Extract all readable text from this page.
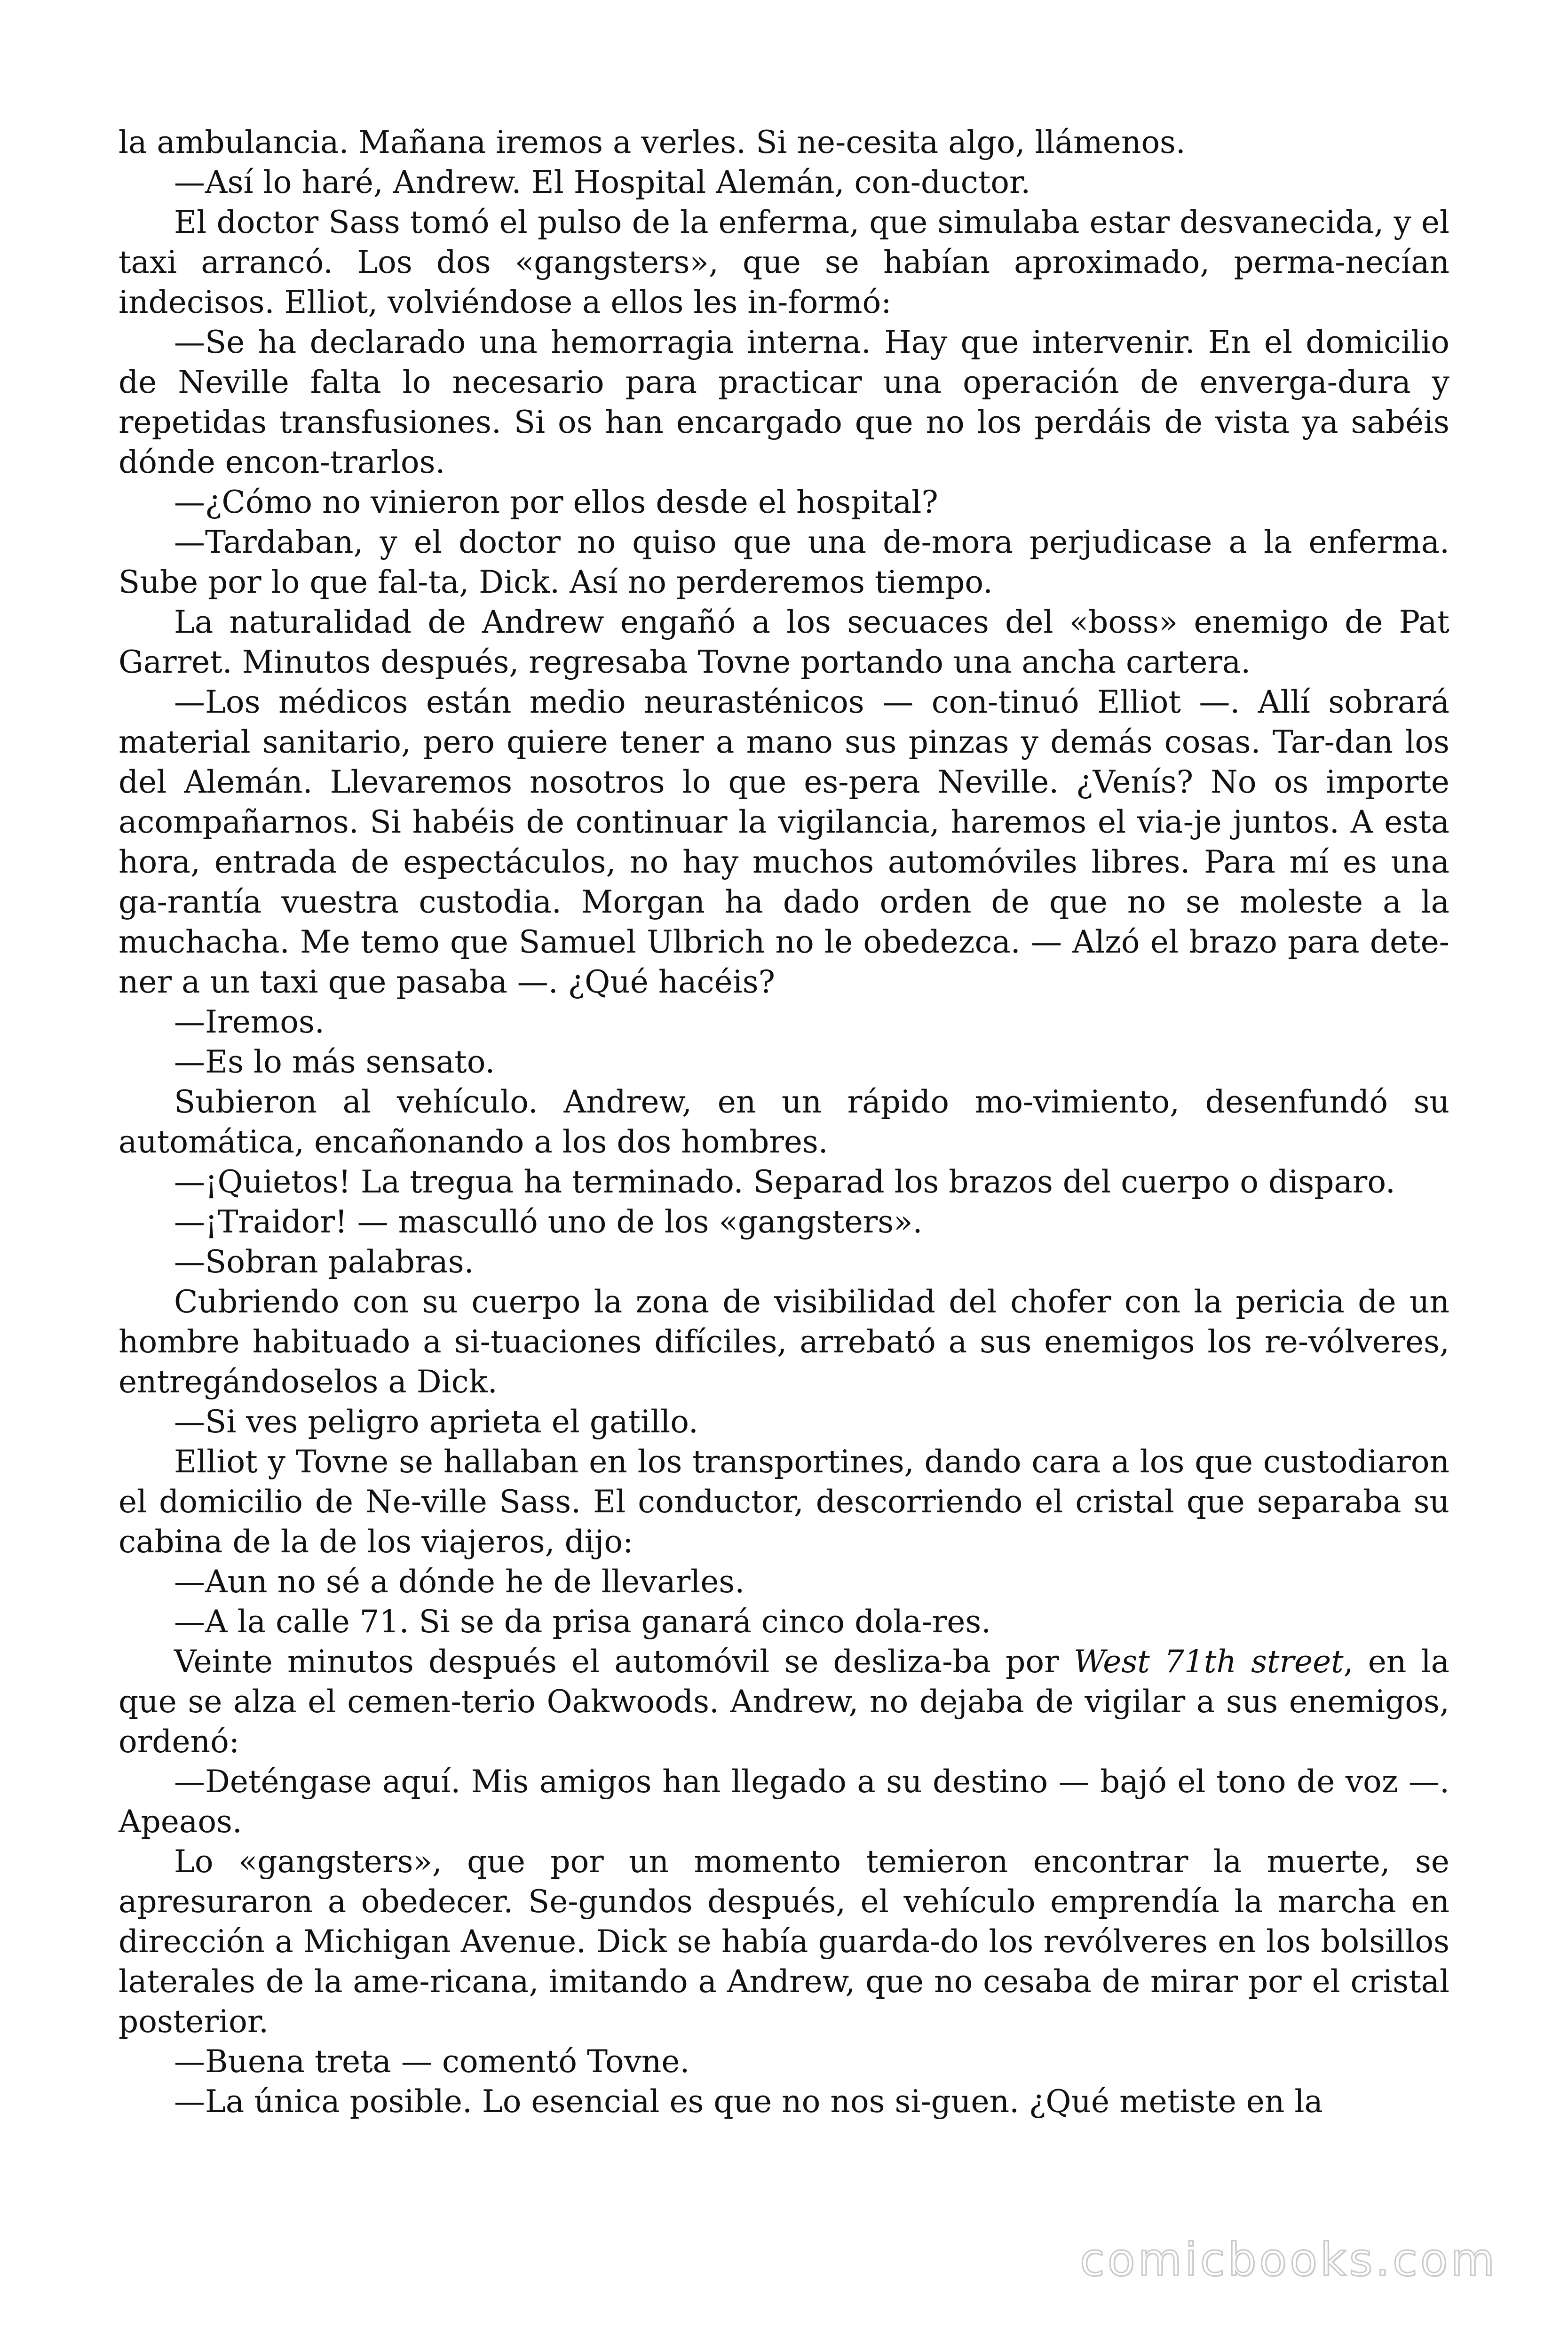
la ambulancia. Mañana iremos a verles. Si ne-cesita algo, llámenos.

—Así lo haré, Andrew. El Hospital Alemán, con-ductor.

El doctor Sass tomó el pulso de la enferma, que simulaba estar desvanecida, y el taxi arrancó. Los dos «gangsters», que se habían aproximado, perma-necían indecisos. Elliot, volviéndose a ellos les in-formó:

—Se ha declarado una hemorragia interna. Hay que intervenir. En el domicilio de Neville falta lo necesario para practicar una operación de enverga-dura y repetidas transfusiones. Si os han encargado que no los perdáis de vista ya sabéis dónde encon-trarlos.

—¿Cómo no vinieron por ellos desde el hospital?

—Tardaban, y el doctor no quiso que una de-mora perjudicase a la enferma. Sube por lo que fal-ta, Dick. Así no perderemos tiempo.

La naturalidad de Andrew engañó a los secuaces del «boss» enemigo de Pat Garret. Minutos después, regresaba Tovne portando una ancha cartera.

—Los médicos están medio neurasténicos — con-tinuó Elliot —. Allí sobrará material sanitario, pero quiere tener a mano sus pinzas y demás cosas. Tar-dan los del Alemán. Llevaremos nosotros lo que es-pera Neville. ¿Venís? No os importe acompañarnos. Si habéis de continuar la vigilancia, haremos el via-je juntos. A esta hora, entrada de espectáculos, no hay muchos automóviles libres. Para mí es una ga-rantía vuestra custodia. Morgan ha dado orden de que no se moleste a la muchacha. Me temo que Samuel Ulbrich no le obedezca. — Alzó el brazo para dete-ner a un taxi que pasaba —. ¿Qué hacéis?

—Iremos.

—Es lo más sensato.

Subieron al vehículo. Andrew, en un rápido mo-vimiento, desenfundó su automática, encañonando a los dos hombres.

—¡Quietos! La tregua ha terminado. Separad los brazos del cuerpo o disparo.

—¡Traidor! — masculló uno de los «gangsters».

—Sobran palabras.

Cubriendo con su cuerpo la zona de visibilidad del chofer con la pericia de un hombre habituado a si-tuaciones difíciles, arrebató a sus enemigos los re-vólveres, entregándoselos a Dick.

—Si ves peligro aprieta el gatillo.

Elliot y Tovne se hallaban en los transportines, dando cara a los que custodiaron el domicilio de Ne-ville Sass. El conductor, descorriendo el cristal que separaba su cabina de la de los viajeros, dijo:

—Aun no sé a dónde he de llevarles.

—A la calle 71. Si se da prisa ganará cinco dola-res.

Veinte minutos después el automóvil se desliza-ba por West 71th street, en la que se alza el cemen-terio Oakwoods. Andrew, no dejaba de vigilar a sus enemigos, ordenó:

—Deténgase aquí. Mis amigos han llegado a su destino — bajó el tono de voz —. Apeaos.

Lo «gangsters», que por un momento temieron encontrar la muerte, se apresuraron a obedecer. Se-gundos después, el vehículo emprendía la marcha en dirección a Michigan Avenue. Dick se había guarda-do los revólveres en los bolsillos laterales de la ame-ricana, imitando a Andrew, que no cesaba de mirar por el cristal posterior.

—Buena treta — comentó Tovne.

—La única posible. Lo esencial es que no nos si-guen. ¿Qué metiste en la

comicbooks.com
